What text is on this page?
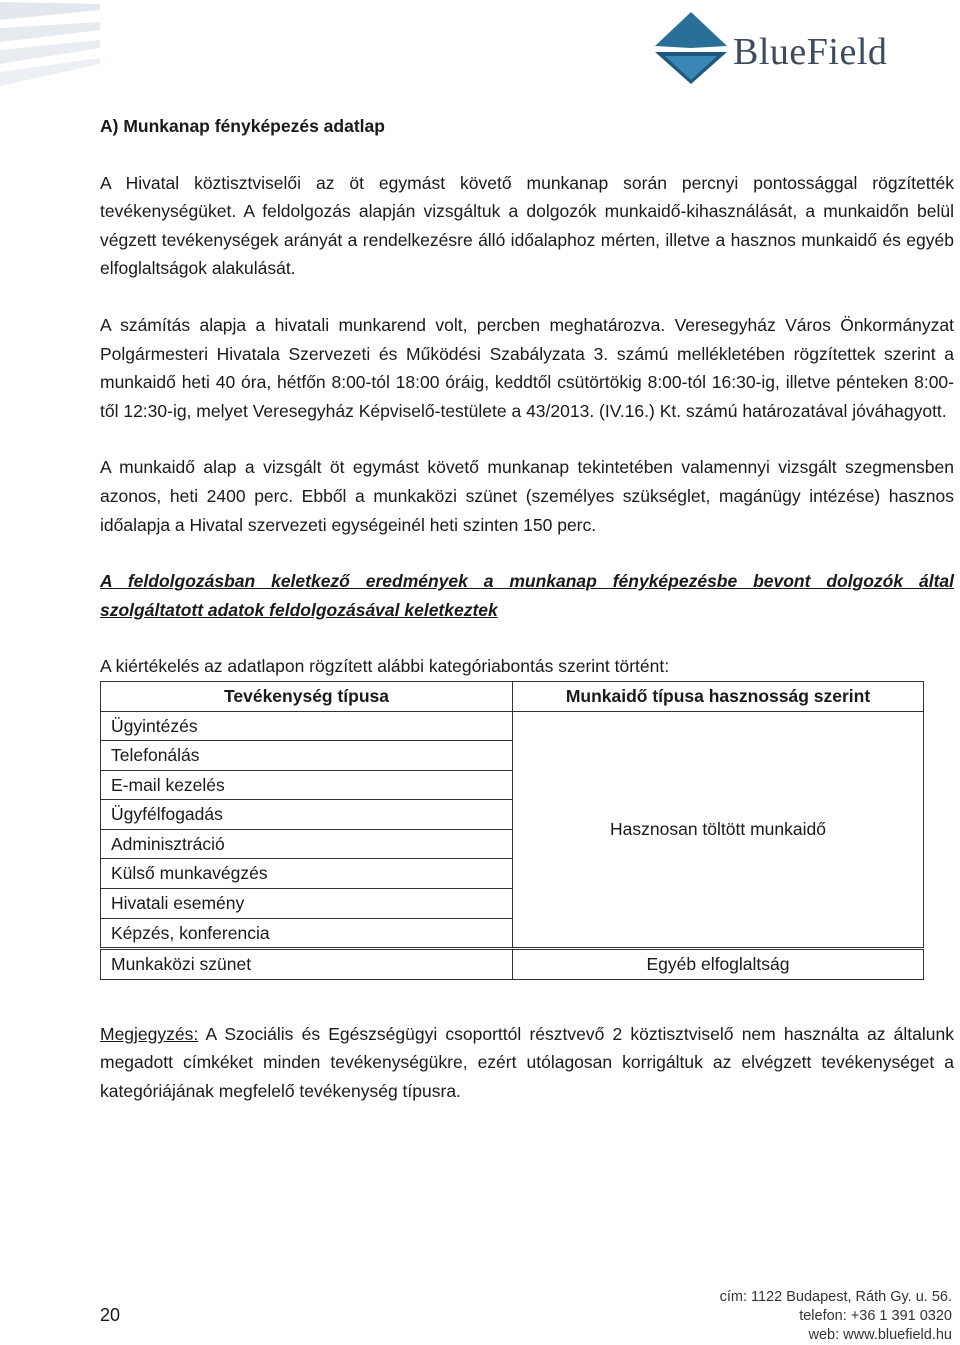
BlueField

A) Munkanap fényképezés adatlap

A Hivatal köztisztviselői az öt egymást követő munkanap során percnyi pontossággal rögzítették tevékenységüket. A feldolgozás alapján vizsgáltuk a dolgozók munkaidő-kihasználását, a munkaidőn belül végzett tevékenységek arányát a rendelkezésre álló időalaphoz mérten, illetve a hasznos munkaidő és egyéb elfoglaltságok alakulását.

A számítás alapja a hivatali munkarend volt, percben meghatározva. Veresegyház Város Önkormányzat Polgármesteri Hivatala Szervezeti és Működési Szabályzata 3. számú mellékletében rögzítettek szerint a munkaidő heti 40 óra, hétfőn 8:00-tól 18:00 óráig, keddtől csütörtökig 8:00-tól 16:30-ig, illetve pénteken 8:00-től 12:30-ig, melyet Veresegyház Képviselő-testülete a 43/2013. (IV.16.) Kt. számú határozatával jóváhagyott.

A munkaidő alap a vizsgált öt egymást követő munkanap tekintetében valamennyi vizsgált szegmensben azonos, heti 2400 perc. Ebből a munkaközi szünet (személyes szükséglet, magánügy intézése) hasznos időalapja a Hivatal szervezeti egységeinél heti szinten 150 perc.

A feldolgozásban keletkező eredmények a munkanap fényképezésbe bevont dolgozók által szolgáltatott adatok feldolgozásával keletkeztek

A kiértékelés az adatlapon rögzített alábbi kategóriabontás szerint történt:

Tevékenység típusa	Munkaidő típusa hasznosság szerint
Ügyintézés	Hasznosan töltött munkaidő
Telefonálás	
E-mail kezelés	
Ügyfélfogadás	
Adminisztráció	
Külső munkavégzés	
Hivatali esemény	
Képzés, konferencia	
Munkaközi szünet	Egyéb elfoglaltság

Megjegyzés: A Szociális és Egészségügyi csoporttól résztvevő 2 köztisztviselő nem használta az általunk megadott címkéket minden tevékenységükre, ezért utólagosan korrigáltuk az elvégzett tevékenységet a kategóriájának megfelelő tevékenység típusra.

20
cím: 1122 Budapest, Ráth Gy. u. 56.
telefon: +36 1 391 0320
web: www.bluefield.hu
